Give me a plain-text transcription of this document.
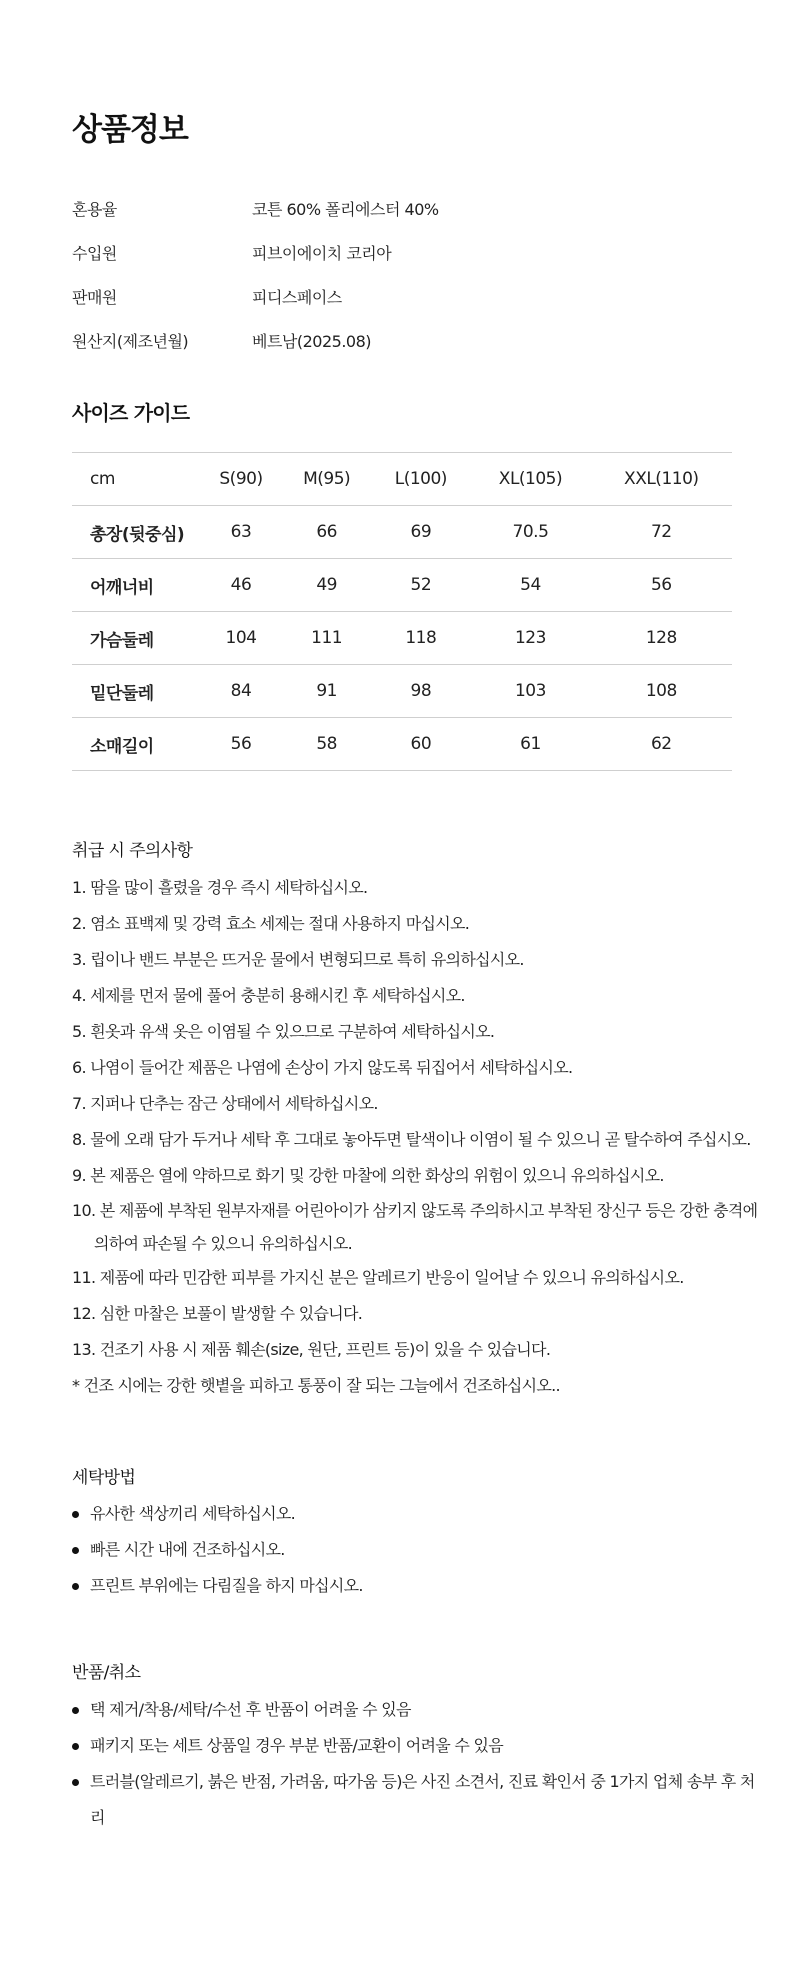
상품정보
혼용율	코튼 60% 폴리에스터 40%
수입원	피브이에이치 코리아
판매원	피디스페이스
원산지(제조년월)	베트남(2025.08)
사이즈 가이드
cm	S(90)	M(95)	L(100)	XL(105)	XXL(110)
총장(뒷중심)	63	66	69	70.5	72
어깨너비	46	49	52	54	56
가슴둘레	104	111	118	123	128
밑단둘레	84	91	98	103	108
소매길이	56	58	60	61	62
취급 시 주의사항
1. 땀을 많이 흘렸을 경우 즉시 세탁하십시오.
2. 염소 표백제 및 강력 효소 세제는 절대 사용하지 마십시오.
3. 립이나 밴드 부분은 뜨거운 물에서 변형되므로 특히 유의하십시오.
4. 세제를 먼저 물에 풀어 충분히 용해시킨 후 세탁하십시오.
5. 흰옷과 유색 옷은 이염될 수 있으므로 구분하여 세탁하십시오.
6. 나염이 들어간 제품은 나염에 손상이 가지 않도록 뒤집어서 세탁하십시오.
7. 지퍼나 단추는 잠근 상태에서 세탁하십시오.
8. 물에 오래 담가 두거나 세탁 후 그대로 놓아두면 탈색이나 이염이 될 수 있으니 곧 탈수하여 주십시오.
9. 본 제품은 열에 약하므로 화기 및 강한 마찰에 의한 화상의 위험이 있으니 유의하십시오.
10. 본 제품에 부착된 원부자재를 어린아이가 삼키지 않도록 주의하시고 부착된 장신구 등은 강한 충격에 의하여 파손될 수 있으니 유의하십시오.
11. 제품에 따라 민감한 피부를 가지신 분은 알레르기 반응이 일어날 수 있으니 유의하십시오.
12. 심한 마찰은 보풀이 발생할 수 있습니다.
13. 건조기 사용 시 제품 훼손(size, 원단, 프린트 등)이 있을 수 있습니다.
* 건조 시에는 강한 햇볕을 피하고 통풍이 잘 되는 그늘에서 건조하십시오..
세탁방법
유사한 색상끼리 세탁하십시오.
빠른 시간 내에 건조하십시오.
프린트 부위에는 다림질을 하지 마십시오.
반품/취소
택 제거/착용/세탁/수선 후 반품이 어려울 수 있음
패키지 또는 세트 상품일 경우 부분 반품/교환이 어려울 수 있음
트러블(알레르기, 붉은 반점, 가려움, 따가움 등)은 사진 소견서, 진료 확인서 중 1가지 업체 송부 후 처리
